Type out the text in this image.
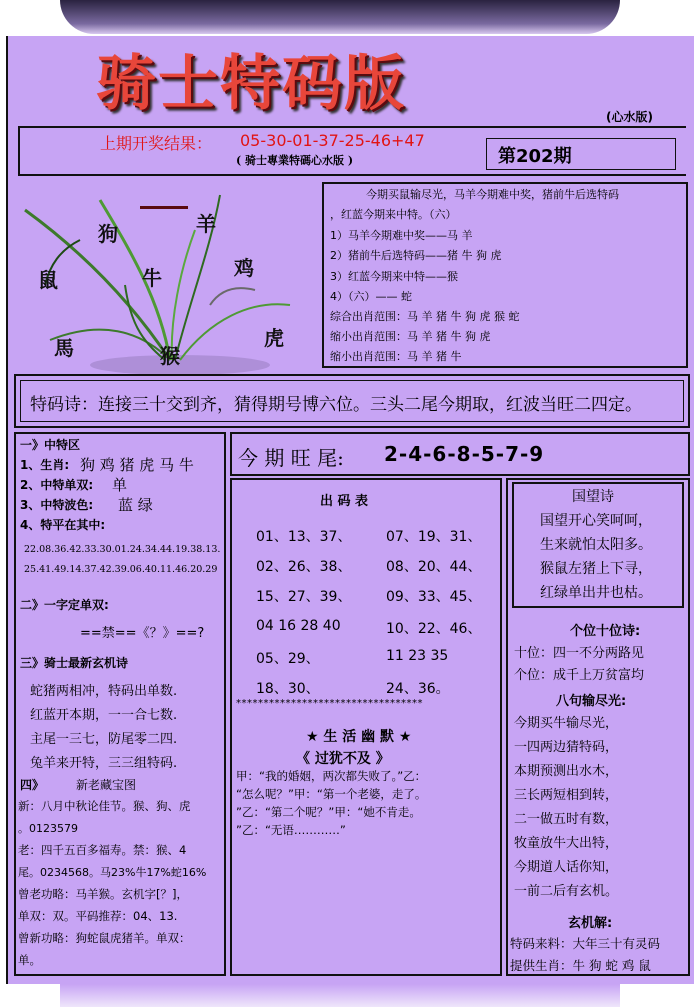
骑士特码版	(心水版)
上期开奖结果： 05-30-01-37-25-46+47
( 骑士專業特碼心水版 )	第202期
狗	羊
鼠	牛	鸡
馬	猴
虎
今期买鼠输尽光，马羊今期难中奖，猪前牛后选特码
，红蓝今期来中特。（六）
1）马羊今期难中奖——马 羊
2）猪前牛后选特码——猪 牛 狗 虎
3）红蓝今期来中特——猴
4）（六）—— 蛇
综合出肖范围：马 羊 猪 牛 狗 虎 猴 蛇
缩小出肖范围：马 羊 猪 牛 狗 虎
缩小出肖范围：马 羊 猪 牛
特码诗：连接三十交到齐，猜得期号博六位。三头二尾今期取，红波当旺二四定。
一》中特区
1、生肖: 狗 鸡 猪 虎 马 牛
2、中特单双: 单
3、中特波色: 蓝 绿
4、特平在其中:
22.08.36.42.33.30.01.24.34.44.19.38.13.
25.41.49.14.37.42.39.06.40.11.46.20.29
二》一字定单双:
==禁==《？》==?
三》骑士最新玄机诗
蛇猪两相冲，特码出单数.
红蓝开本期，一一合七数.
主尾一三七，防尾零二四.
兔羊来开特，三三组特码.
四》	新老藏宝图
新：八月中秋论佳节。猴、狗、虎
。0123579
老：四千五百多福寿。禁：猴、4
尾。0234568。马23%牛17%蛇16%
曾老功略：马羊猴。玄机字[？]，
单双：双。平码推荐：04、13.
曾新功略：狗蛇鼠虎猪羊。单双：
单。
今 期 旺 尾: 2-4-6-8-5-7-9
出 码 表
01、13、37、 07、19、31、
02、26、38、 08、20、44、
15、27、39、 09、33、45、
04 16 28 40	10、22、46、
05、29、	11 23 35
18、30、	24、36。
**********************************
★ 生 活 幽 默 ★
《 过犹不及 》
甲：“我的婚姻，两次都失败了。”乙：
“怎么呢？”甲：“第一个老婆，走了。
”乙：“第二个呢？”甲：“她不肯走。
”乙：“无语…………”
国望诗
国望开心笑呵呵，
生来就怕太阳多。
猴鼠左猪上下寻，
红绿单出井也枯。
个位十位诗:
十位：四一不分两路见
个位：成千上万贫富均
八句输尽光:
今期买牛输尽光，
一四两边猜特码，
本期预测出水木，
三长两短相到转，
二一做五时有数，
牧童放牛大出特，
今期道人话你知，
一前二后有玄机。
玄机解:
特码来料：大年三十有灵码
提供生肖：牛 狗 蛇 鸡 鼠
